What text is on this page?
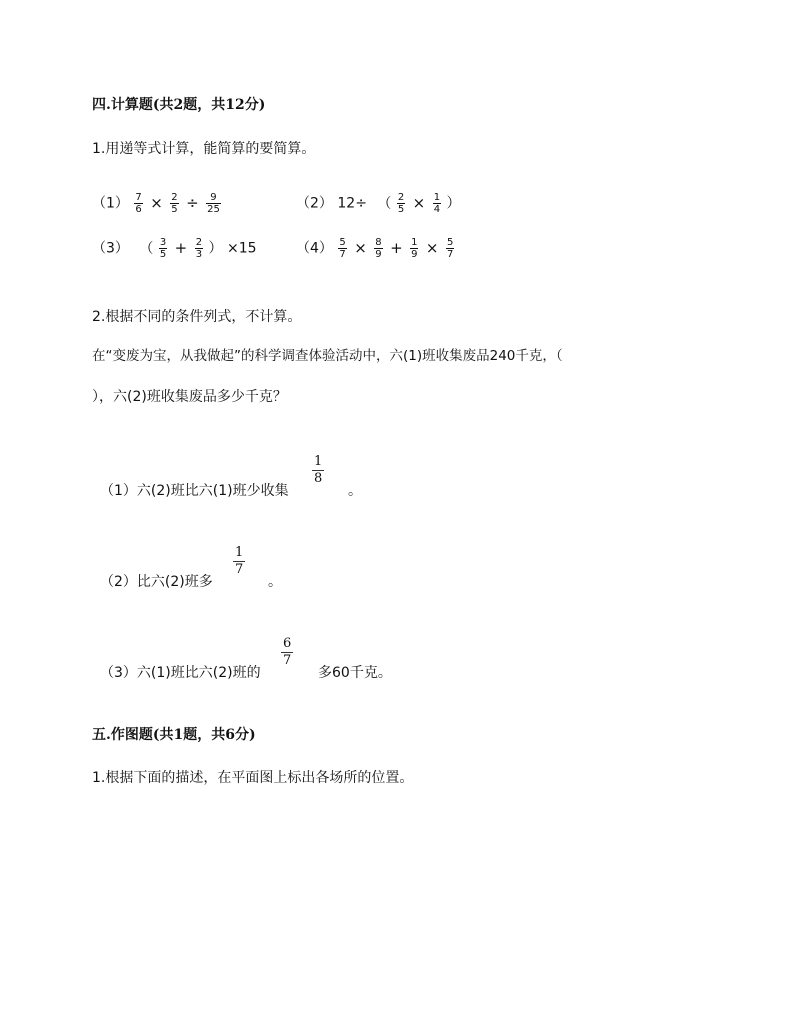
四.计算题(共2题，共12分)
1.用递等式计算，能简算的要简算。
$(1) \frac{7}{6} \times \frac{2}{5} \div \frac{9}{25}$	（2） 12÷ （ $\frac{2}{5} \times \frac{1}{4}$ ）
（3） （ $\frac{3}{5} + \frac{2}{3}$ ） ×15	$(4) \frac{5}{7} \times \frac{8}{9} + \frac{1}{9} \times \frac{5}{7}$
2.根据不同的条件列式，不计算。
在“变废为宝，从我做起”的科学调查体验活动中，六(1)班收集废品240千克，（
），六(2)班收集废品多少千克？
（1）六(2)班比六(1)班少收集
$\frac{1}{8}$
。
（2）比六(2)班多
$\frac{1}{7}$
。
（3）六(1)班比六(2)班的
$\frac{6}{7}$
多60千克。
五.作图题(共1题，共6分)
1.根据下面的描述，在平面图上标出各场所的位置。
